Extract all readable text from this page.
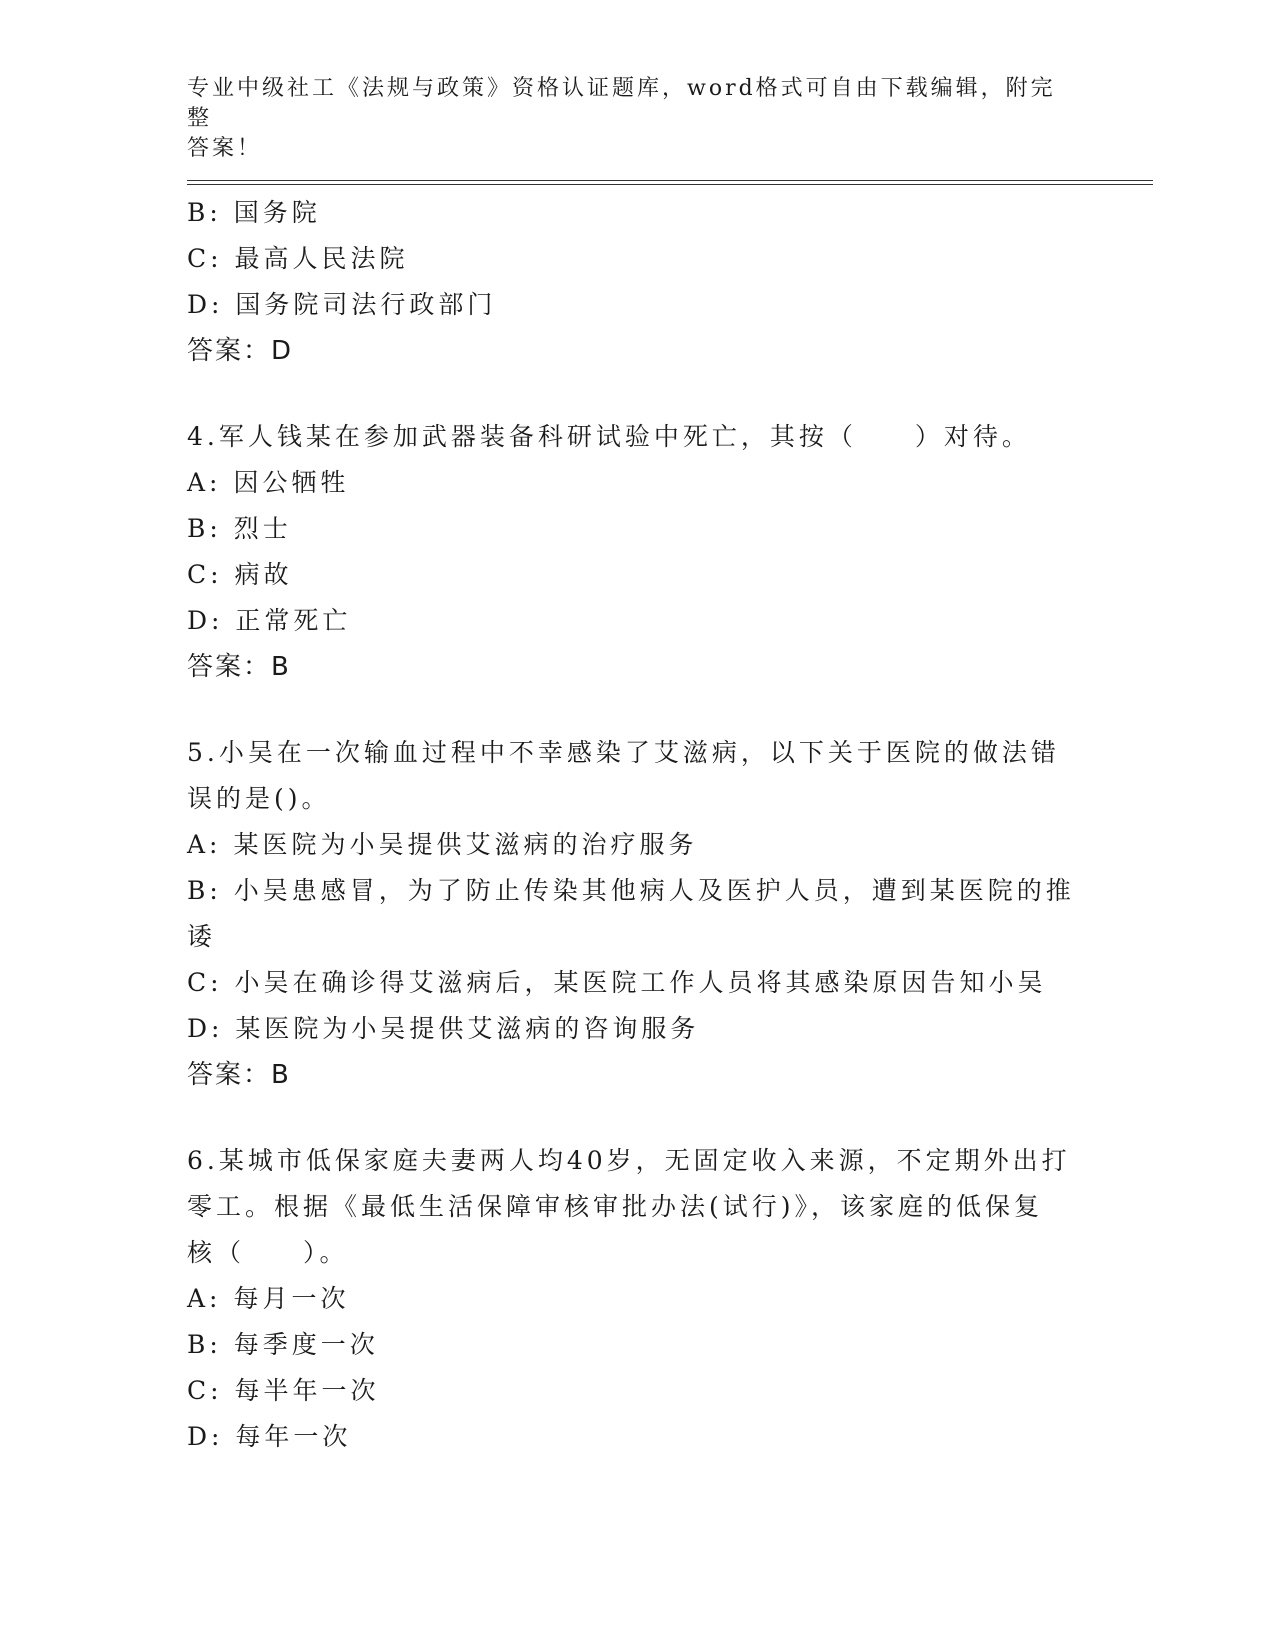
专业中级社工《法规与政策》资格认证题库，word格式可自由下载编辑，附完整
答案！
B: 国务院
C: 最高人民法院
D: 国务院司法行政部门
答案：D
4.军人钱某在参加武器装备科研试验中死亡，其按（　　）对待。
A: 因公牺牲
B: 烈士
C: 病故
D: 正常死亡
答案：B
5.小吴在一次输血过程中不幸感染了艾滋病，以下关于医院的做法错
误的是()。
A: 某医院为小吴提供艾滋病的治疗服务
B: 小吴患感冒，为了防止传染其他病人及医护人员，遭到某医院的推
诿
C: 小吴在确诊得艾滋病后，某医院工作人员将其感染原因告知小吴
D: 某医院为小吴提供艾滋病的咨询服务
答案：B
6.某城市低保家庭夫妻两人均40岁，无固定收入来源，不定期外出打
零工。根据《最低生活保障审核审批办法(试行)》，该家庭的低保复
核（　　）。
A: 每月一次
B: 每季度一次
C: 每半年一次
D: 每年一次
